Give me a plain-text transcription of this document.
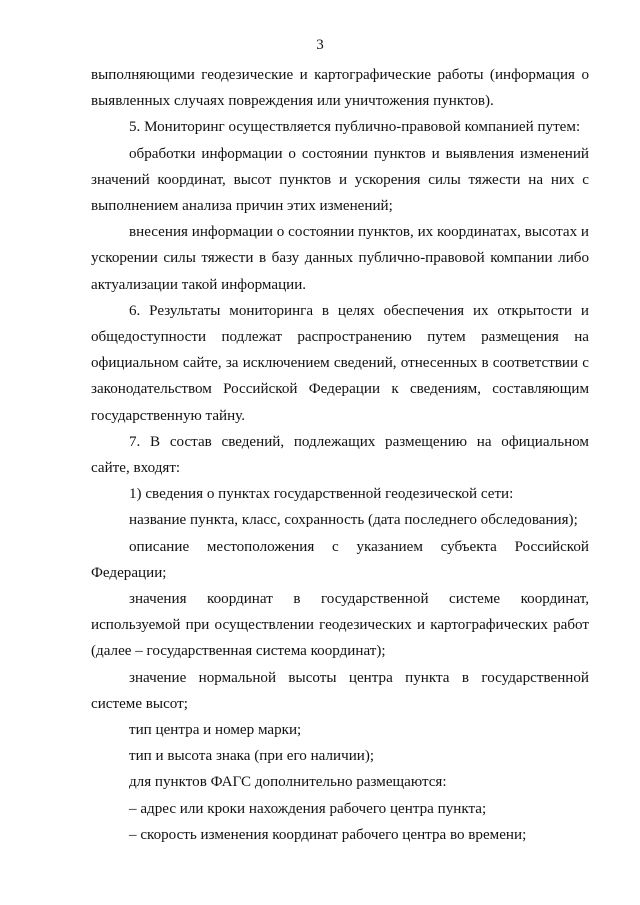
3

выполняющими геодезические и картографические работы (информация о выявленных случаях повреждения или уничтожения пунктов).

5. Мониторинг осуществляется публично-правовой компанией путем:

обработки информации о состоянии пунктов и выявления изменений значений координат, высот пунктов и ускорения силы тяжести на них с выполнением анализа причин этих изменений;

внесения информации о состоянии пунктов, их координатах, высотах и ускорении силы тяжести в базу данных публично-правовой компании либо актуализации такой информации.

6. Результаты мониторинга в целях обеспечения их открытости и общедоступности подлежат распространению путем размещения на официальном сайте, за исключением сведений, отнесенных в соответствии с законодательством Российской Федерации к сведениям, составляющим государственную тайну.

7. В состав сведений, подлежащих размещению на официальном сайте, входят:

1) сведения о пунктах государственной геодезической сети:

название пункта, класс, сохранность (дата последнего обследования);

описание местоположения с указанием субъекта Российской Федерации;

значения координат в государственной системе координат, используемой при осуществлении геодезических и картографических работ (далее – государственная система координат);

значение нормальной высоты центра пункта в государственной системе высот;

тип центра и номер марки;

тип и высота знака (при его наличии);

для пунктов ФАГС дополнительно размещаются:

– адрес или кроки нахождения рабочего центра пункта;

– скорость изменения координат рабочего центра во времени;
